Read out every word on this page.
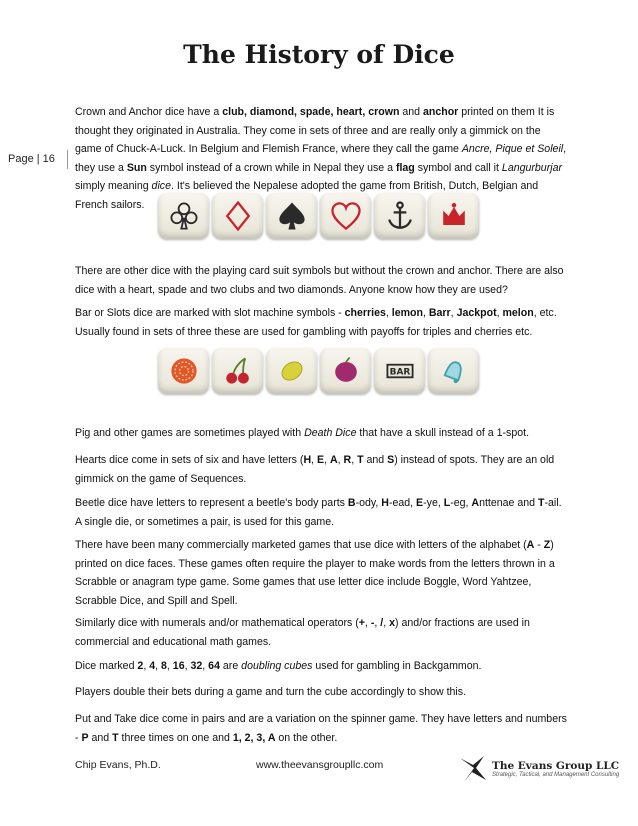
The History of Dice
Page | 16

Crown and Anchor dice have a club, diamond, spade, heart, crown and anchor printed on them It is thought they originated in Australia. They come in sets of three and are really only a gimmick on the game of Chuck-A-Luck. In Belgium and Flemish France, where they call the game Ancre, Pique et Soleil, they use a Sun symbol instead of a crown while in Nepal they use a flag symbol and call it Langurburjar simply meaning dice. It's believed the Nepalese adopted the game from British, Dutch, Belgian and French sailors.

There are other dice with the playing card suit symbols but without the crown and anchor. There are also dice with a heart, spade and two clubs and two diamonds. Anyone know how they are used?

Bar or Slots dice are marked with slot machine symbols - cherries, lemon, Barr, Jackpot, melon, etc. Usually found in sets of three these are used for gambling with payoffs for triples and cherries etc.

BAR

Pig and other games are sometimes played with Death Dice that have a skull instead of a 1-spot.

Hearts dice come in sets of six and have letters (H, E, A, R, T and S) instead of spots. They are an old gimmick on the game of Sequences.

Beetle dice have letters to represent a beetle's body parts B-ody, H-ead, E-ye, L-eg, Anttenae and T-ail. A single die, or sometimes a pair, is used for this game.

There have been many commercially marketed games that use dice with letters of the alphabet (A - Z) printed on dice faces. These games often require the player to make words from the letters thrown in a Scrabble or anagram type game. Some games that use letter dice include Boggle, Word Yahtzee, Scrabble Dice, and Spill and Spell.

Similarly dice with numerals and/or mathematical operators (+, -, /, x) and/or fractions are used in commercial and educational math games.

Dice marked 2, 4, 8, 16, 32, 64 are doubling cubes used for gambling in Backgammon.

Players double their bets during a game and turn the cube accordingly to show this.

Put and Take dice come in pairs and are a variation on the spinner game. They have letters and numbers - P and T three times on one and 1, 2, 3, A on the other.

Chip Evans, Ph.D.	www.theevansgroupllc.com	The Evans Group LLC
Strategic, Tactical, and Management Consulting
